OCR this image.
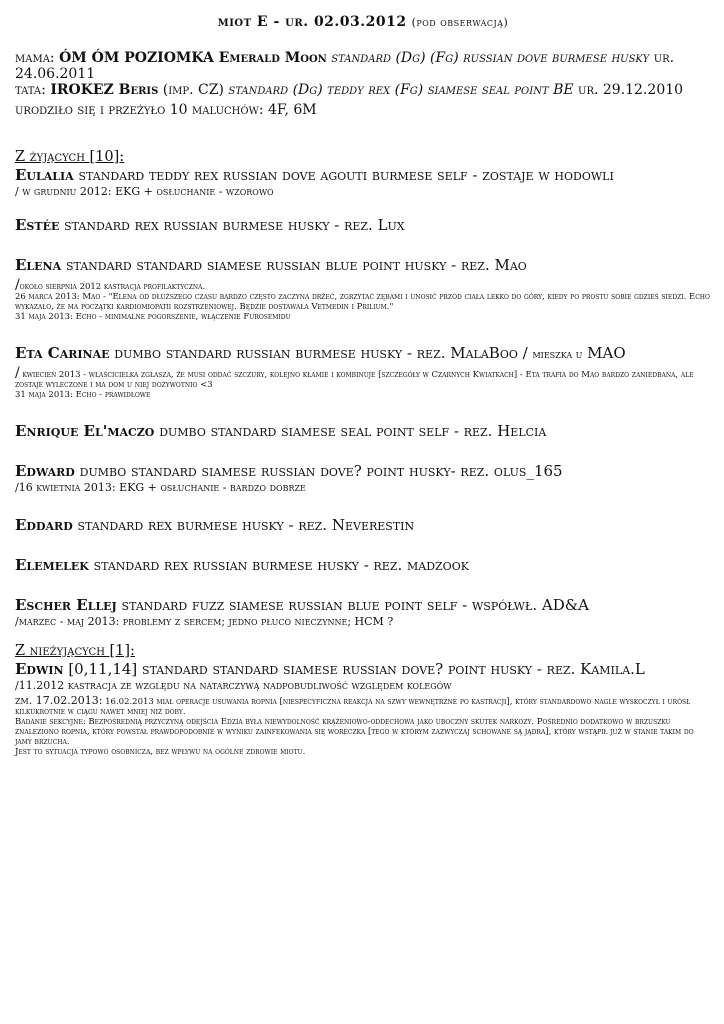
miot E - ur. 02.03.2012 (pod obserwacją)

mama: ÓM ÓM POZIOMKA Emerald Moon standard (Dg) (Fg) russian dove burmese husky ur. 24.06.2011

tata: IROKEZ Beris (imp. CZ) standard (Dg) teddy rex (Fg) siamese seal point BE ur. 29.12.2010

urodziło się i przeżyło 10 maluchów: 4F, 6M

Z żyjących [10]:

Eulalia standard teddy rex russian dove agouti burmese self - zostaje w hodowli

/ w grudniu 2012: EKG + osłuchanie - wzorowo

Estée standard rex russian burmese husky - rez. Lux
Elena standard standard siamese russian blue point husky - rez. Mao

/około sierpnia 2012 kastracja profilaktyczna.

26 marca 2013: Mao - "Elena od dłuższego czasu bardzo często zaczyna drżeć, zgrzytać zębami i unosić przód ciała lekko do góry, kiedy po prostu sobie gdzieś siedzi. Echo wykazało, że ma początki kardiomiopatii rozstrzeniowej. Będzie dostawała Vetmedin i Prilium."

31 maja 2013: Echo - minimalne pogorszenie, włączenie Furosemidu

Eta Carinae dumbo standard russian burmese husky - rez. MalaBoo / mieszka u MAO

/ kwiecień 2013 - właścicielka zgłasza, że musi oddać szczury, kolejno kłamie i kombinuje [szczegóły w Czarnych Kwiatkach] - Eta trafia do Mao bardzo zaniedbana, ale zostaje wyleczone i ma dom u niej dożywotnio <3

31 maja 2013: Echo - prawidłowe

Enrique El'maczo dumbo standard siamese seal point self - rez. Helcia
Edward dumbo standard siamese russian dove? point husky- rez. olus_165

/16 kwietnia 2013: EKG + osłuchanie - bardzo dobrze

Eddard standard rex burmese husky - rez. Neverestin
Elemelek standard rex russian burmese husky - rez. madzook
Escher Ellej standard fuzz siamese russian blue point self - współwł. AD&A

/marzec - maj 2013: problemy z sercem; jedno płuco nieczynne; HCM ?

Z nieżyjących [1]:

Edwin [0,11,14] standard standard siamese russian dove? point husky - rez. Kamila.L

/11.2012 kastracja ze względu na natarczywą nadpobudliwość względem kolegów

zm. 17.02.2013: 16.02.2013 miał operacje usuwania ropnia [niespecyficzna reakcja na szwy wewnętrzne po kastracji], który standardowo nagle wyskoczył i urósł kilkukrotnie w ciągu nawet mniej niż doby.

Badanie sekcyjne: Bezpośrednią przyczyną odejścia Edzia była niewydolność krążeniowo-oddechowa jako uboczny skutek narkozy. Pośrednio dodatkowo w brzuszku znaleziono ropnia, który powstał prawdopodobnie w wyniku zainfekowania się woreczka [tego w którym zazwyczaj schowane są jądra], który wstąpił już w stanie takim do jamy brzucha.

Jest to sytuacja typowo osobnicza, bez wpływu na ogólne zdrowie miotu.
